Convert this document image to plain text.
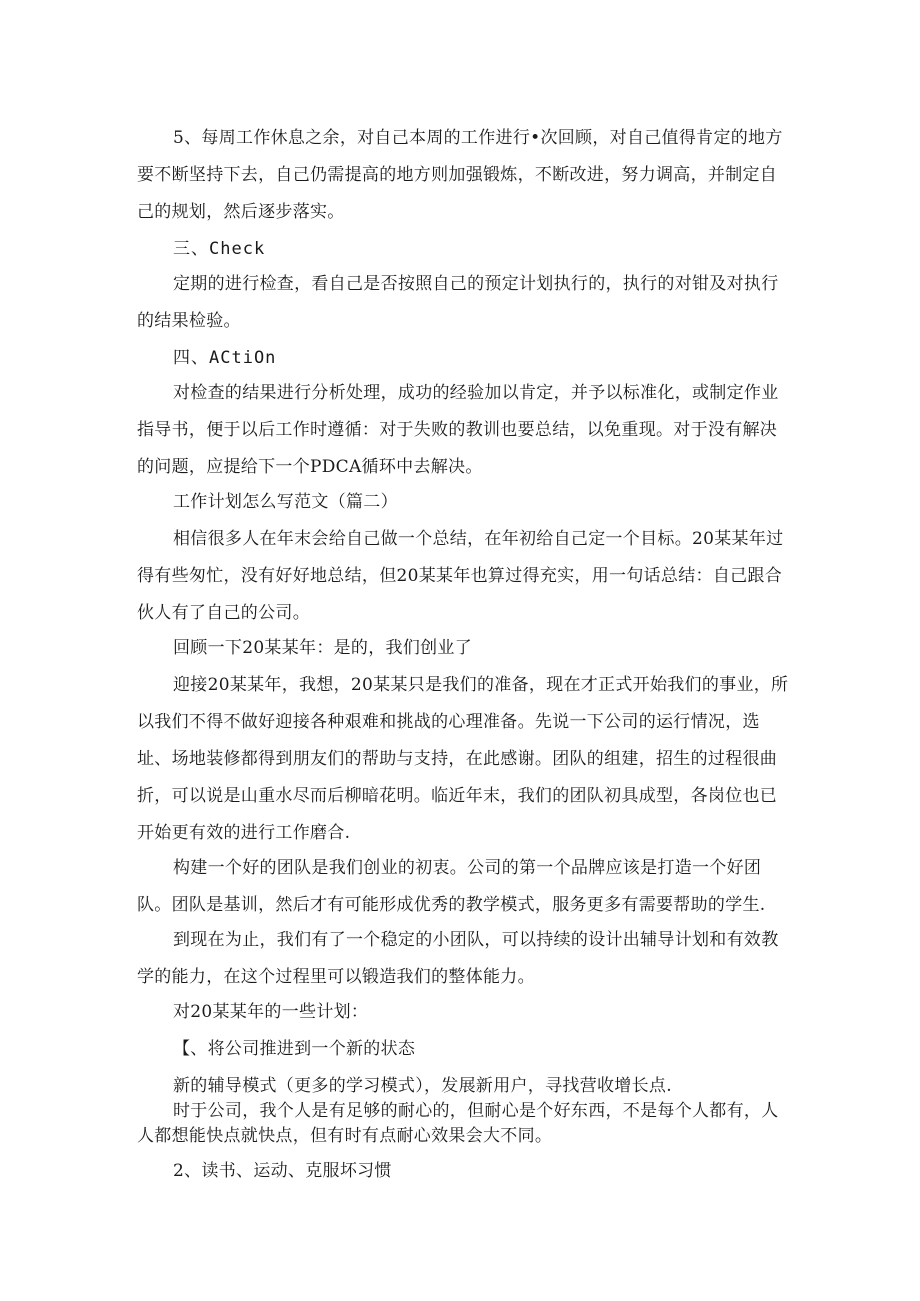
5、每周工作休息之余，对自己本周的工作进行•次回顾，对自己值得肯定的地方
要不断坚持下去，自己仍需提高的地方则加强锻炼，不断改进，努力调高，并制定自
己的规划，然后逐步落实。
三、Check
定期的进行检查，看自己是否按照自己的预定计划执行的，执行的对钳及对执行
的结果检验。
四、ACtiOn
对检查的结果进行分析处理，成功的经验加以肯定，并予以标准化，或制定作业
指导书，便于以后工作时遵循：对于失败的教训也要总结，以免重现。对于没有解决
的问题，应提给下一个PDCA循环中去解决。
工作计划怎么写范文（篇二）
相信很多人在年末会给自己做一个总结，在年初给自己定一个目标。20某某年过
得有些匆忙，没有好好地总结，但20某某年也算过得充实，用一句话总结：自己跟合
伙人有了自己的公司。
回顾一下20某某年：是的，我们创业了
迎接20某某年，我想，20某某只是我们的准备，现在才正式开始我们的事业，所
以我们不得不做好迎接各种艰难和挑战的心理准备。先说一下公司的运行情况，选
址、场地装修都得到朋友们的帮助与支持，在此感谢。团队的组建，招生的过程很曲
折，可以说是山重水尽而后柳暗花明。临近年末，我们的团队初具成型，各岗位也已
开始更有效的进行工作磨合.
构建一个好的团队是我们创业的初衷。公司的第一个品牌应该是打造一个好团
队。团队是基训，然后才有可能形成优秀的教学模式，服务更多有需要帮助的学生.
到现在为止，我们有了一个稳定的小团队，可以持续的设计出辅导计划和有效教
学的能力，在这个过程里可以锻造我们的整体能力。
对20某某年的一些计划：
【、将公司推进到一个新的状态
新的辅导模式（更多的学习模式），发展新用户，寻找营收增长点.
时于公司，我个人是有足够的耐心的，但耐心是个好东西，不是每个人都有，人
人都想能快点就快点，但有时有点耐心效果会大不同。
2、读书、运动、克服坏习惯
